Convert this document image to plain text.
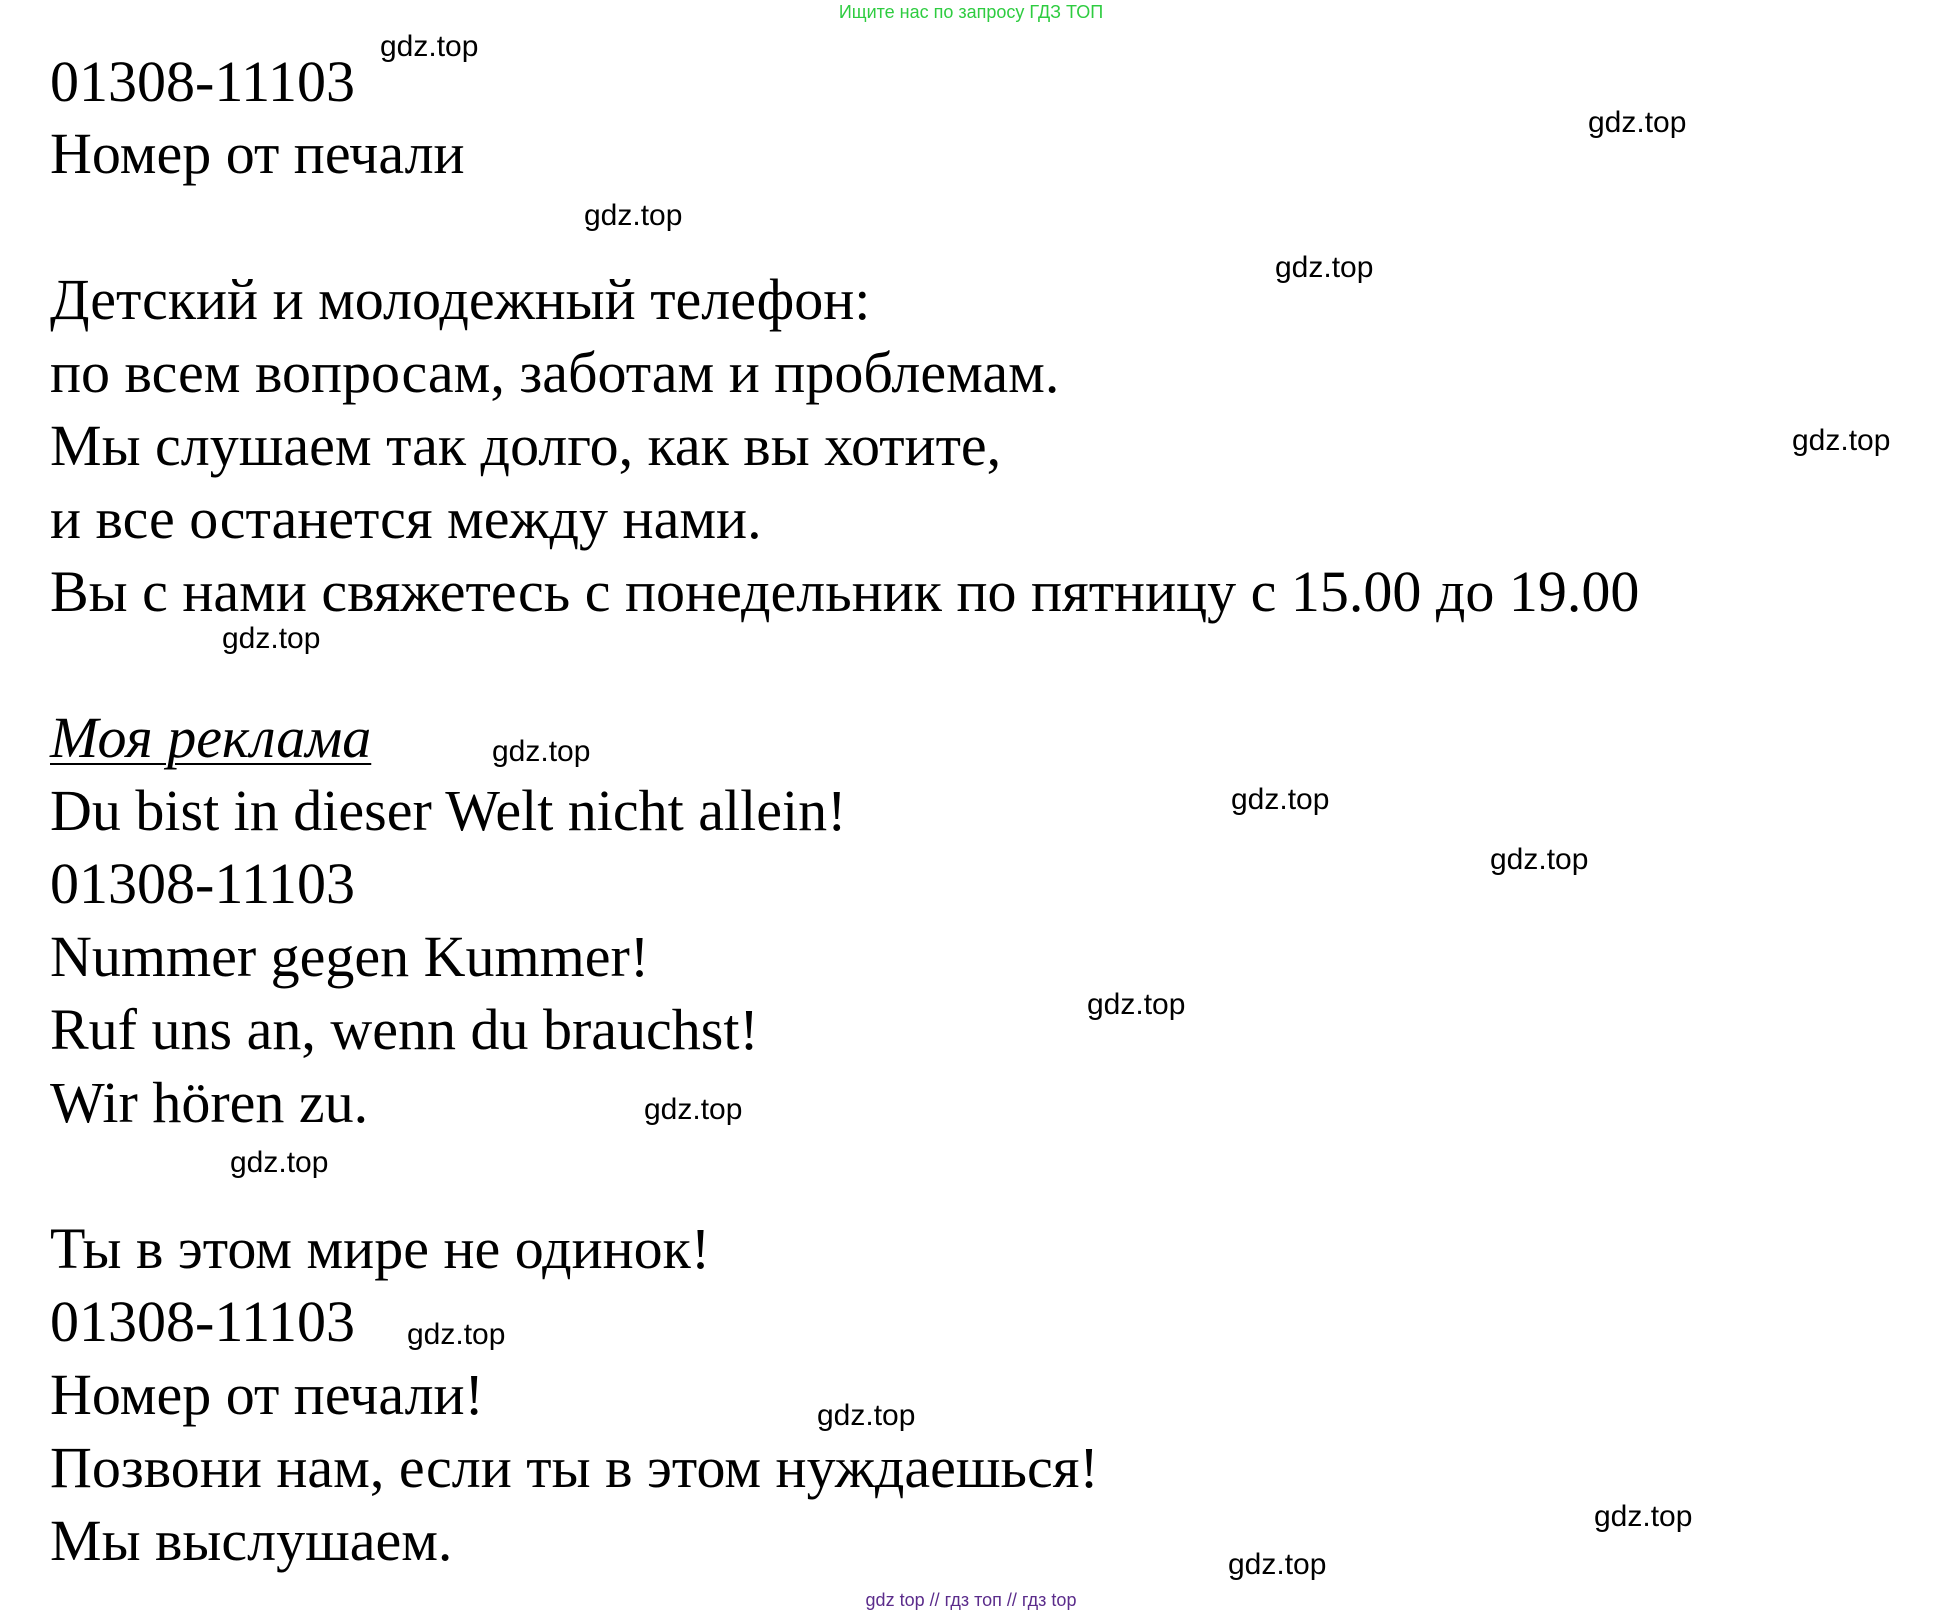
Ищите нас по запросу ГДЗ ТОП

01308-11103

Номер от печали

Детский и молодежный телефон:

по всем вопросам, заботам и проблемам.

Мы слушаем так долго, как вы хотите,

и все останется между нами.

Вы с нами свяжетесь с понедельник по пятницу с 15.00 до 19.00

Моя реклама

Du bist in dieser Welt nicht allein!

01308-11103

Nummer gegen Kummer!

Ruf uns an, wenn du brauchst!

Wir hören zu.

Ты в этом мире не одинок!

01308-11103

Номер от печали!

Позвони нам, если ты в этом нуждаешься!

Мы выслушаем.

gdz.top
gdz.top
gdz.top
gdz.top
gdz.top
gdz.top
gdz.top
gdz.top
gdz.top
gdz.top
gdz.top
gdz.top
gdz.top
gdz.top
gdz.top
gdz.top
gdz top // гдз топ // гдз top
